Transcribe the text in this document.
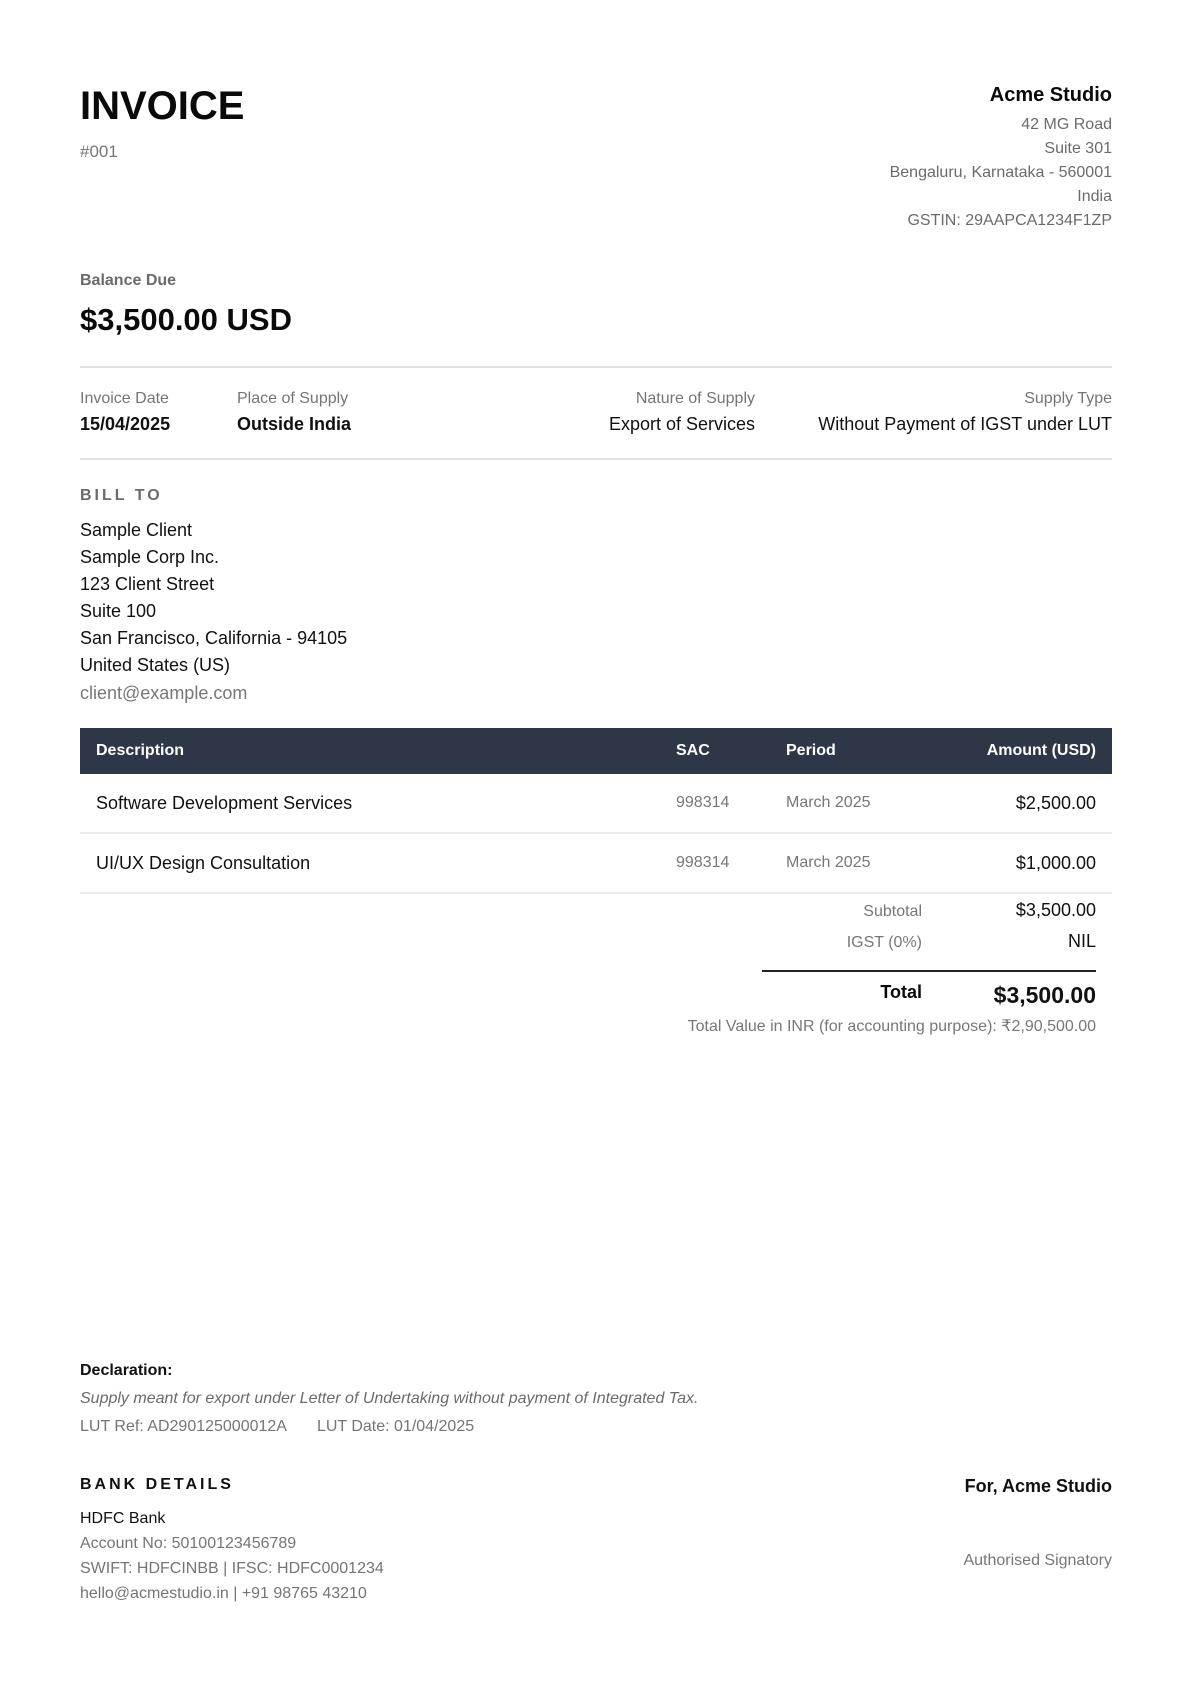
INVOICE
#001
Acme Studio
42 MG Road
Suite 301
Bengaluru, Karnataka - 560001
India
GSTIN: 29AAPCA1234F1ZP
Balance Due
$3,500.00 USD
Invoice Date
15/04/2025
Place of Supply
Outside India
Nature of Supply
Export of Services
Supply Type
Without Payment of IGST under LUT
BILL TO
Sample Client
Sample Corp Inc.
123 Client Street
Suite 100
San Francisco, California - 94105
United States (US)
client@example.com
Description	SAC	Period	Amount (USD)
Software Development Services	998314	March 2025	$2,500.00
UI/UX Design Consultation	998314	March 2025	$1,000.00
Subtotal	$3,500.00
IGST (0%)	NIL
Total	$3,500.00
Total Value in INR (for accounting purpose): ₹2,90,500.00
Declaration:
Supply meant for export under Letter of Undertaking without payment of Integrated Tax.
LUT Ref: AD290125000012A LUT Date: 01/04/2025
BANK DETAILS
HDFC Bank
Account No: 50100123456789
SWIFT: HDFCINBB | IFSC: HDFC0001234
hello@acmestudio.in | +91 98765 43210
For, Acme Studio
Authorised Signatory
